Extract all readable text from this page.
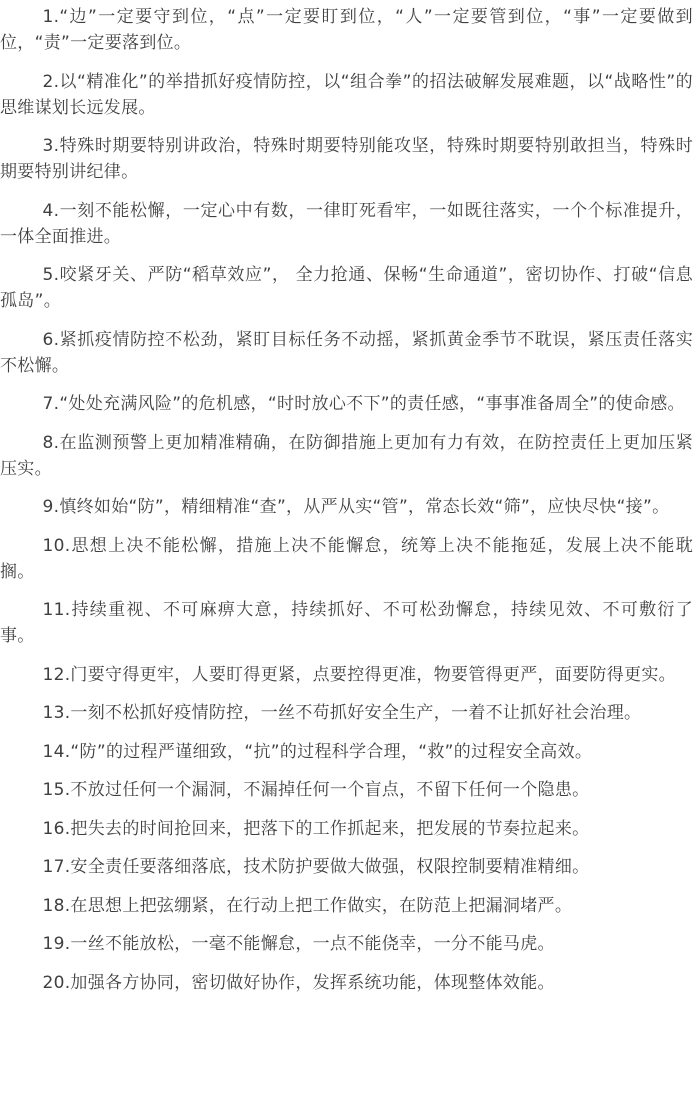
1.“边”一定要守到位，“点”一定要盯到位，“人”一定要管到位，“事”一定要做到位，“责”一定要落到位。

2.以“精准化”的举措抓好疫情防控，以“组合拳”的招法破解发展难题，以“战略性”的思维谋划长远发展。

3.特殊时期要特别讲政治，特殊时期要特别能攻坚，特殊时期要特别敢担当，特殊时期要特别讲纪律。

4.一刻不能松懈，一定心中有数，一律盯死看牢，一如既往落实，一个个标准提升，一体全面推进。

5.咬紧牙关、严防“稻草效应”， 全力抢通、保畅“生命通道”，密切协作、打破“信息孤岛”。

6.紧抓疫情防控不松劲，紧盯目标任务不动摇，紧抓黄金季节不耽误，紧压责任落实不松懈。

7.“处处充满风险”的危机感，“时时放心不下”的责任感，“事事准备周全”的使命感。

8.在监测预警上更加精准精确，在防御措施上更加有力有效，在防控责任上更加压紧压实。

9.慎终如始“防”，精细精准“查”，从严从实“管”，常态长效“筛”，应快尽快“接”。

10.思想上决不能松懈，措施上决不能懈怠，统筹上决不能拖延，发展上决不能耽搁。

11.持续重视、不可麻痹大意，持续抓好、不可松劲懈怠，持续见效、不可敷衍了事。

12.门要守得更牢，人要盯得更紧，点要控得更准，物要管得更严，面要防得更实。

13.一刻不松抓好疫情防控，一丝不苟抓好安全生产，一着不让抓好社会治理。

14.“防”的过程严谨细致，“抗”的过程科学合理，“救”的过程安全高效。

15.不放过任何一个漏洞，不漏掉任何一个盲点，不留下任何一个隐患。

16.把失去的时间抢回来，把落下的工作抓起来，把发展的节奏拉起来。

17.安全责任要落细落底，技术防护要做大做强，权限控制要精准精细。

18.在思想上把弦绷紧，在行动上把工作做实，在防范上把漏洞堵严。

19.一丝不能放松，一毫不能懈怠，一点不能侥幸，一分不能马虎。

20.加强各方协同，密切做好协作，发挥系统功能，体现整体效能。
